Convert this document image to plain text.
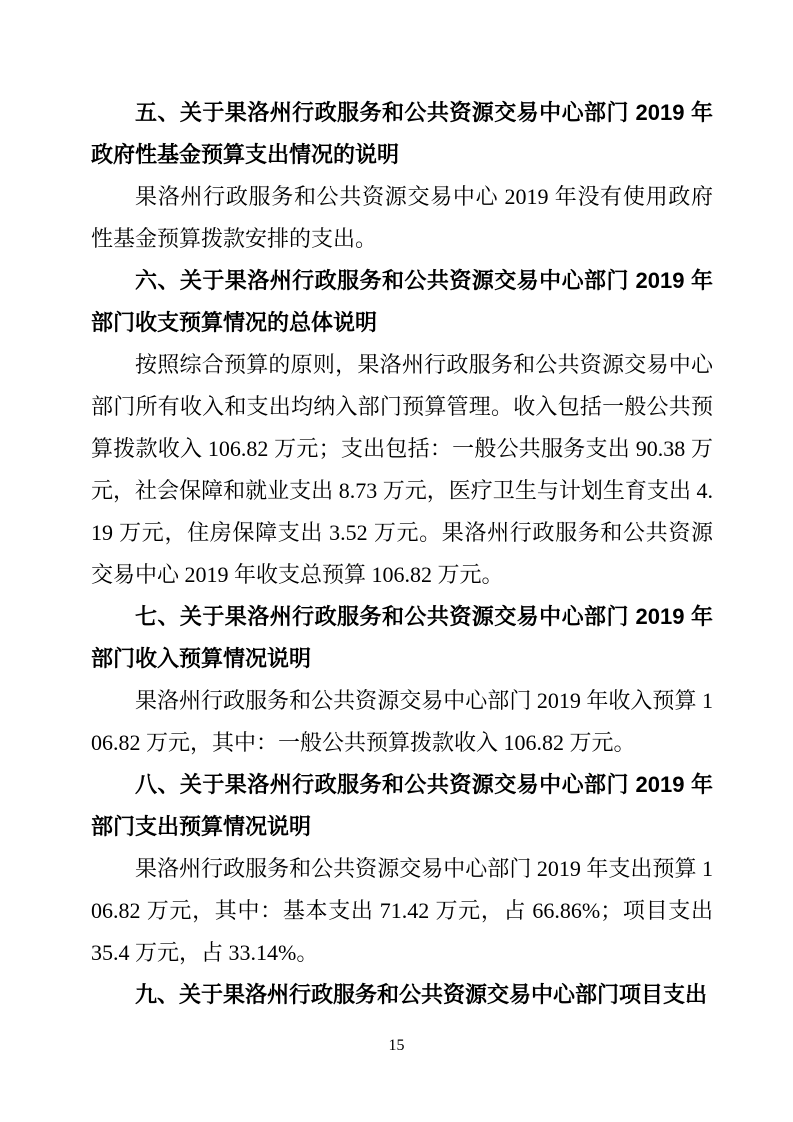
五、关于果洛州行政服务和公共资源交易中心部门 2019 年政府性基金预算支出情况的说明

果洛州行政服务和公共资源交易中心 2019 年没有使用政府性基金预算拨款安排的支出。

六、关于果洛州行政服务和公共资源交易中心部门 2019 年部门收支预算情况的总体说明

按照综合预算的原则，果洛州行政服务和公共资源交易中心部门所有收入和支出均纳入部门预算管理。收入包括一般公共预算拨款收入 106.82 万元；支出包括：一般公共服务支出 90.38 万元，社会保障和就业支出 8.73 万元，医疗卫生与计划生育支出 4.19 万元，住房保障支出 3.52 万元。果洛州行政服务和公共资源交易中心 2019 年收支总预算 106.82 万元。

七、关于果洛州行政服务和公共资源交易中心部门 2019 年部门收入预算情况说明

果洛州行政服务和公共资源交易中心部门 2019 年收入预算 106.82 万元，其中：一般公共预算拨款收入 106.82 万元。

八、关于果洛州行政服务和公共资源交易中心部门 2019 年部门支出预算情况说明

果洛州行政服务和公共资源交易中心部门 2019 年支出预算 106.82 万元，其中：基本支出 71.42 万元，占 66.86%；项目支出 35.4 万元，占 33.14%。

九、关于果洛州行政服务和公共资源交易中心部门项目支出

15
